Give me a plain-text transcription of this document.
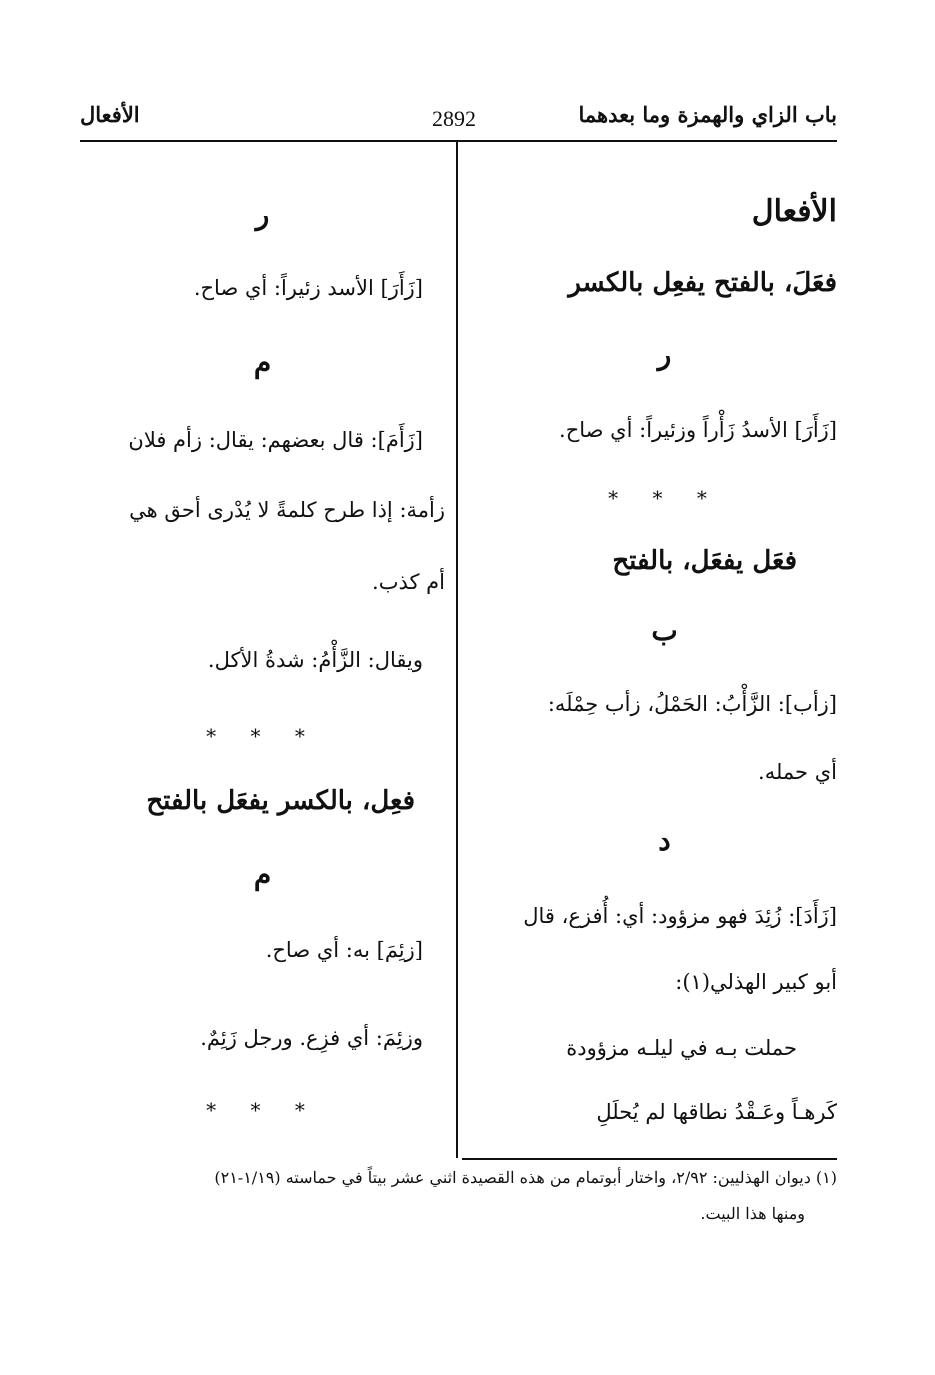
باب الزاي والهمزة وما بعدهما
2892
الأفعال
الأفعال
فعَلَ، بالفتح يفعِل بالكسر
ر
[زَأَرَ] الأسدُ زَأْراً وزئيراً: أي صاح.
* * *
فعَل يفعَل، بالفتح
ب
[زأب]: الزَّأْبُ: الحَمْلُ، زأب حِمْلَه:
أي حمله.
د
[زَأَدَ]: زُئِدَ فهو مزؤود: أي: أُفزع، قال
أبو كبير الهذلي(١):
حملت بـه في ليلـه مزؤودة
كَرهـاً وعَـقْدُ نطاقها لم يُحلَلِ
ر
[زَأَرَ] الأسد زئيراً: أي صاح.
م
[زَأَمَ]: قال بعضهم: يقال: زأم فلان
زأمة: إذا طرح كلمةً لا يُدْرى أحق هي
أم كذب.
ويقال: الزَّأْمُ: شدةُ الأكل.
* * *
فعِل، بالكسر يفعَل بالفتح
م
[زئِمَ] به: أي صاح.
وزئِمَ: أي فزِع. ورجل زَئِمٌ.
* * *
(١) ديوان الهذليين: ٢/٩٢، واختار أبوتمام من هذه القصيدة اثني عشر بيتاً في حماسته (١/١٩-٢١)
ومنها هذا البيت.
